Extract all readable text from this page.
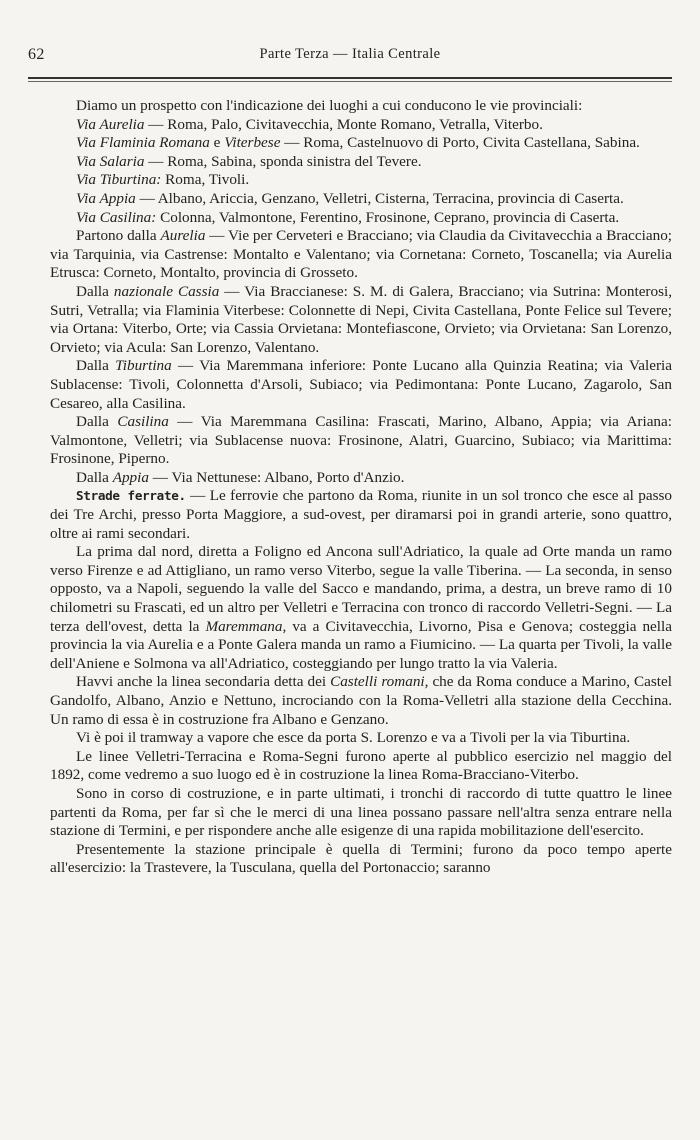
62	Parte Terza — Italia Centrale

Diamo un prospetto con l'indicazione dei luoghi a cui conducono le vie provinciali:

Via Aurelia — Roma, Palo, Civitavecchia, Monte Romano, Vetralla, Viterbo.

Via Flaminia Romana e Viterbese — Roma, Castelnuovo di Porto, Civita Castellana, Sabina.

Via Salaria — Roma, Sabina, sponda sinistra del Tevere.

Via Tiburtina: Roma, Tivoli.

Via Appia — Albano, Ariccia, Genzano, Velletri, Cisterna, Terracina, provincia di Caserta.

Via Casilina: Colonna, Valmontone, Ferentino, Frosinone, Ceprano, provincia di Caserta.

Partono dalla Aurelia — Vie per Cerveteri e Bracciano; via Claudia da Civitavecchia a Bracciano; via Tarquinia, via Castrense: Montalto e Valentano; via Cornetana: Corneto, Toscanella; via Aurelia Etrusca: Corneto, Montalto, provincia di Grosseto.

Dalla nazionale Cassia — Via Braccianese: S. M. di Galera, Bracciano; via Sutrina: Monterosi, Sutri, Vetralla; via Flaminia Viterbese: Colonnette di Nepi, Civita Castellana, Ponte Felice sul Tevere; via Ortana: Viterbo, Orte; via Cassia Orvietana: Montefiascone, Orvieto; via Orvietana: San Lorenzo, Orvieto; via Acula: San Lorenzo, Valentano.

Dalla Tiburtina — Via Maremmana inferiore: Ponte Lucano alla Quinzia Reatina; via Valeria Sublacense: Tivoli, Colonnetta d'Arsoli, Subiaco; via Pedimontana: Ponte Lucano, Zagarolo, San Cesareo, alla Casilina.

Dalla Casilina — Via Maremmana Casilina: Frascati, Marino, Albano, Appia; via Ariana: Valmontone, Velletri; via Sublacense nuova: Frosinone, Alatri, Guarcino, Subiaco; via Marittima: Frosinone, Piperno.

Dalla Appia — Via Nettunese: Albano, Porto d'Anzio.

Strade ferrate. — Le ferrovie che partono da Roma, riunite in un sol tronco che esce al passo dei Tre Archi, presso Porta Maggiore, a sud-ovest, per diramarsi poi in grandi arterie, sono quattro, oltre ai rami secondari.

La prima dal nord, diretta a Foligno ed Ancona sull'Adriatico, la quale ad Orte manda un ramo verso Firenze e ad Attigliano, un ramo verso Viterbo, segue la valle Tiberina. — La seconda, in senso opposto, va a Napoli, seguendo la valle del Sacco e mandando, prima, a destra, un breve ramo di 10 chilometri su Frascati, ed un altro per Velletri e Terracina con tronco di raccordo Velletri-Segni. — La terza dell'ovest, detta la Maremmana, va a Civitavecchia, Livorno, Pisa e Genova; costeggia nella provincia la via Aurelia e a Ponte Galera manda un ramo a Fiumicino. — La quarta per Tivoli, la valle dell'Aniene e Solmona va all'Adriatico, costeggiando per lungo tratto la via Valeria.

Havvi anche la linea secondaria detta dei Castelli romani, che da Roma conduce a Marino, Castel Gandolfo, Albano, Anzio e Nettuno, incrociando con la Roma-Velletri alla stazione della Cecchina. Un ramo di essa è in costruzione fra Albano e Genzano.

Vi è poi il tramway a vapore che esce da porta S. Lorenzo e va a Tivoli per la via Tiburtina.

Le linee Velletri-Terracina e Roma-Segni furono aperte al pubblico esercizio nel maggio del 1892, come vedremo a suo luogo ed è in costruzione la linea Roma-Bracciano-Viterbo.

Sono in corso di costruzione, e in parte ultimati, i tronchi di raccordo di tutte quattro le linee partenti da Roma, per far sì che le merci di una linea possano passare nell'altra senza entrare nella stazione di Termini, e per rispondere anche alle esigenze di una rapida mobilitazione dell'esercito.

Presentemente la stazione principale è quella di Termini; furono da poco tempo aperte all'esercizio: la Trastevere, la Tusculana, quella del Portonaccio; saranno
